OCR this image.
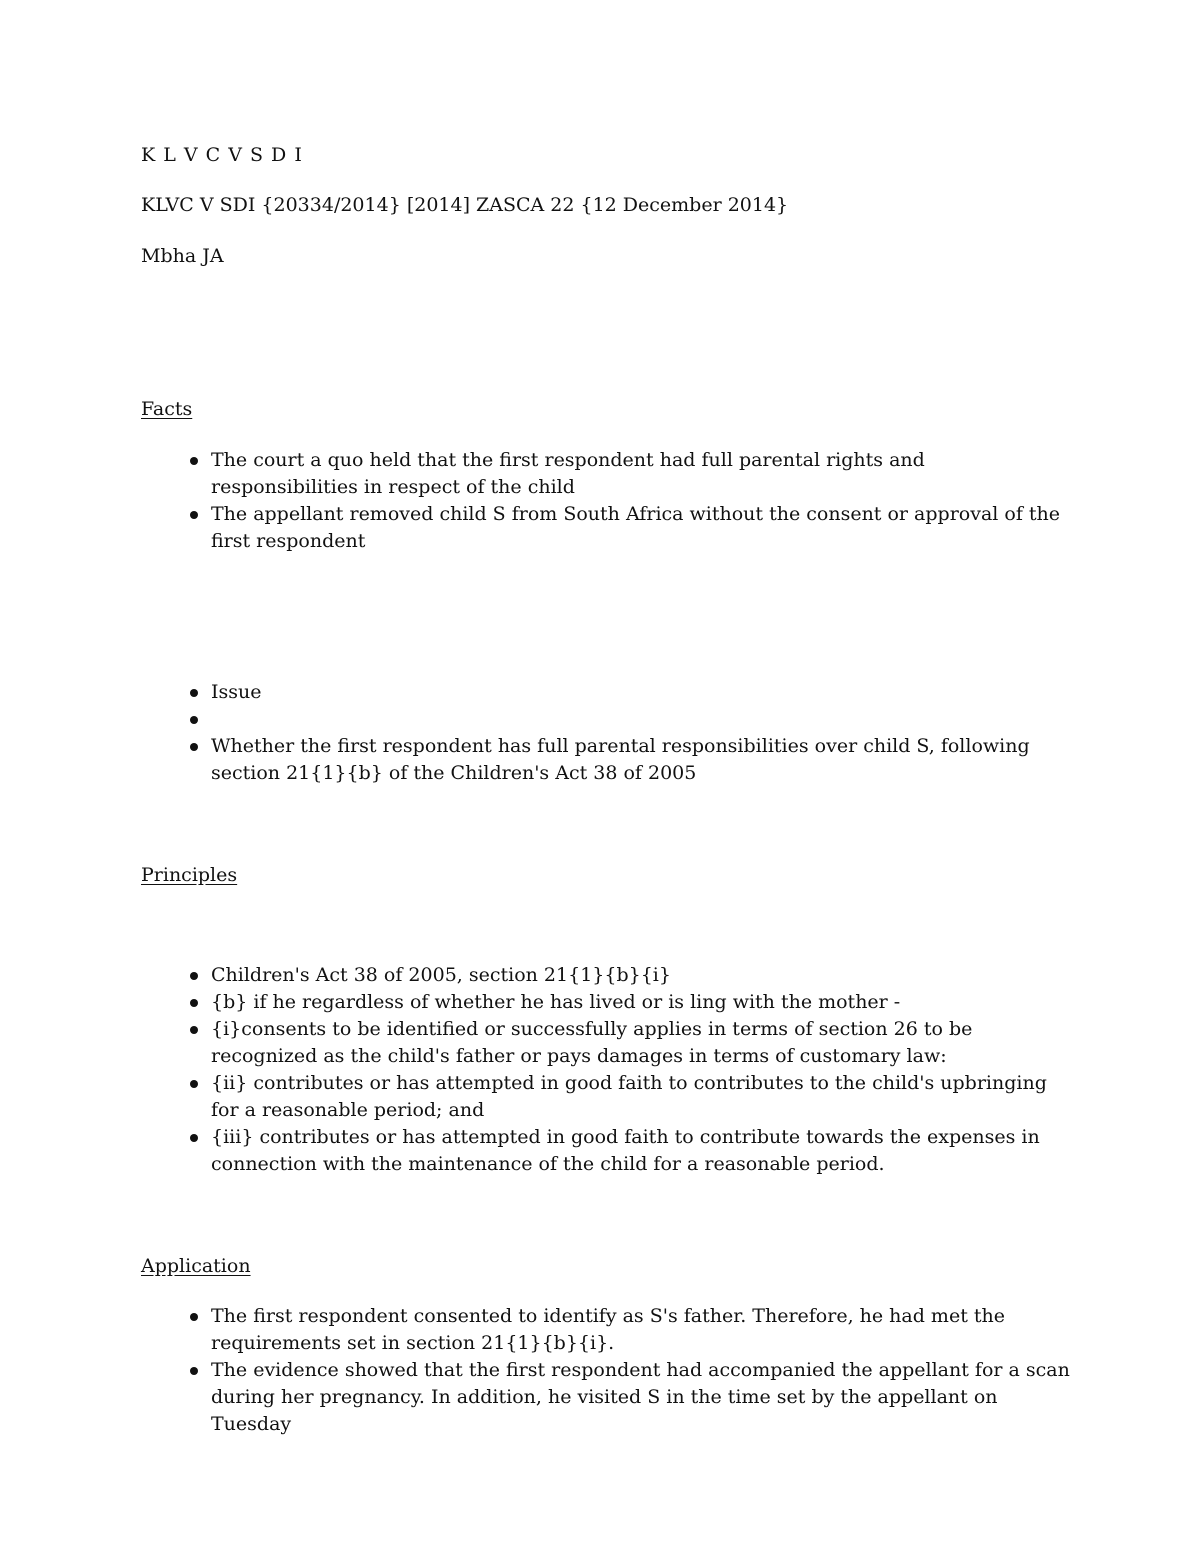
K L V C V S D I
KLVC V SDI {20334/2014} [2014] ZASCA 22 {12 December 2014}
Mbha JA
Facts
The court a quo held that the first respondent had full parental rights and responsibilities in respect of the child
The appellant removed child S from South Africa without the consent or approval of the first respondent
Issue
Whether the first respondent has full parental responsibilities over child S, following section 21{1}{b} of the Children's Act 38 of 2005
Principles
Children's Act 38 of 2005, section 21{1}{b}{i}
{b} if he regardless of whether he has lived or is ling with the mother -
{i}consents to be identified or successfully applies in terms of section 26 to be recognized as the child's father or pays damages in terms of customary law:
{ii} contributes or has attempted in good faith to contributes to the child's upbringing for a reasonable period; and
{iii} contributes or has attempted in good faith to contribute towards the expenses in connection with the maintenance of the child for a reasonable period.
Application
The first respondent consented to identify as S's father. Therefore, he had met the requirements set in section 21{1}{b}{i}.
The evidence showed that the first respondent had accompanied the appellant for a scan during her pregnancy. In addition, he visited S in the time set by the appellant on Tuesday
